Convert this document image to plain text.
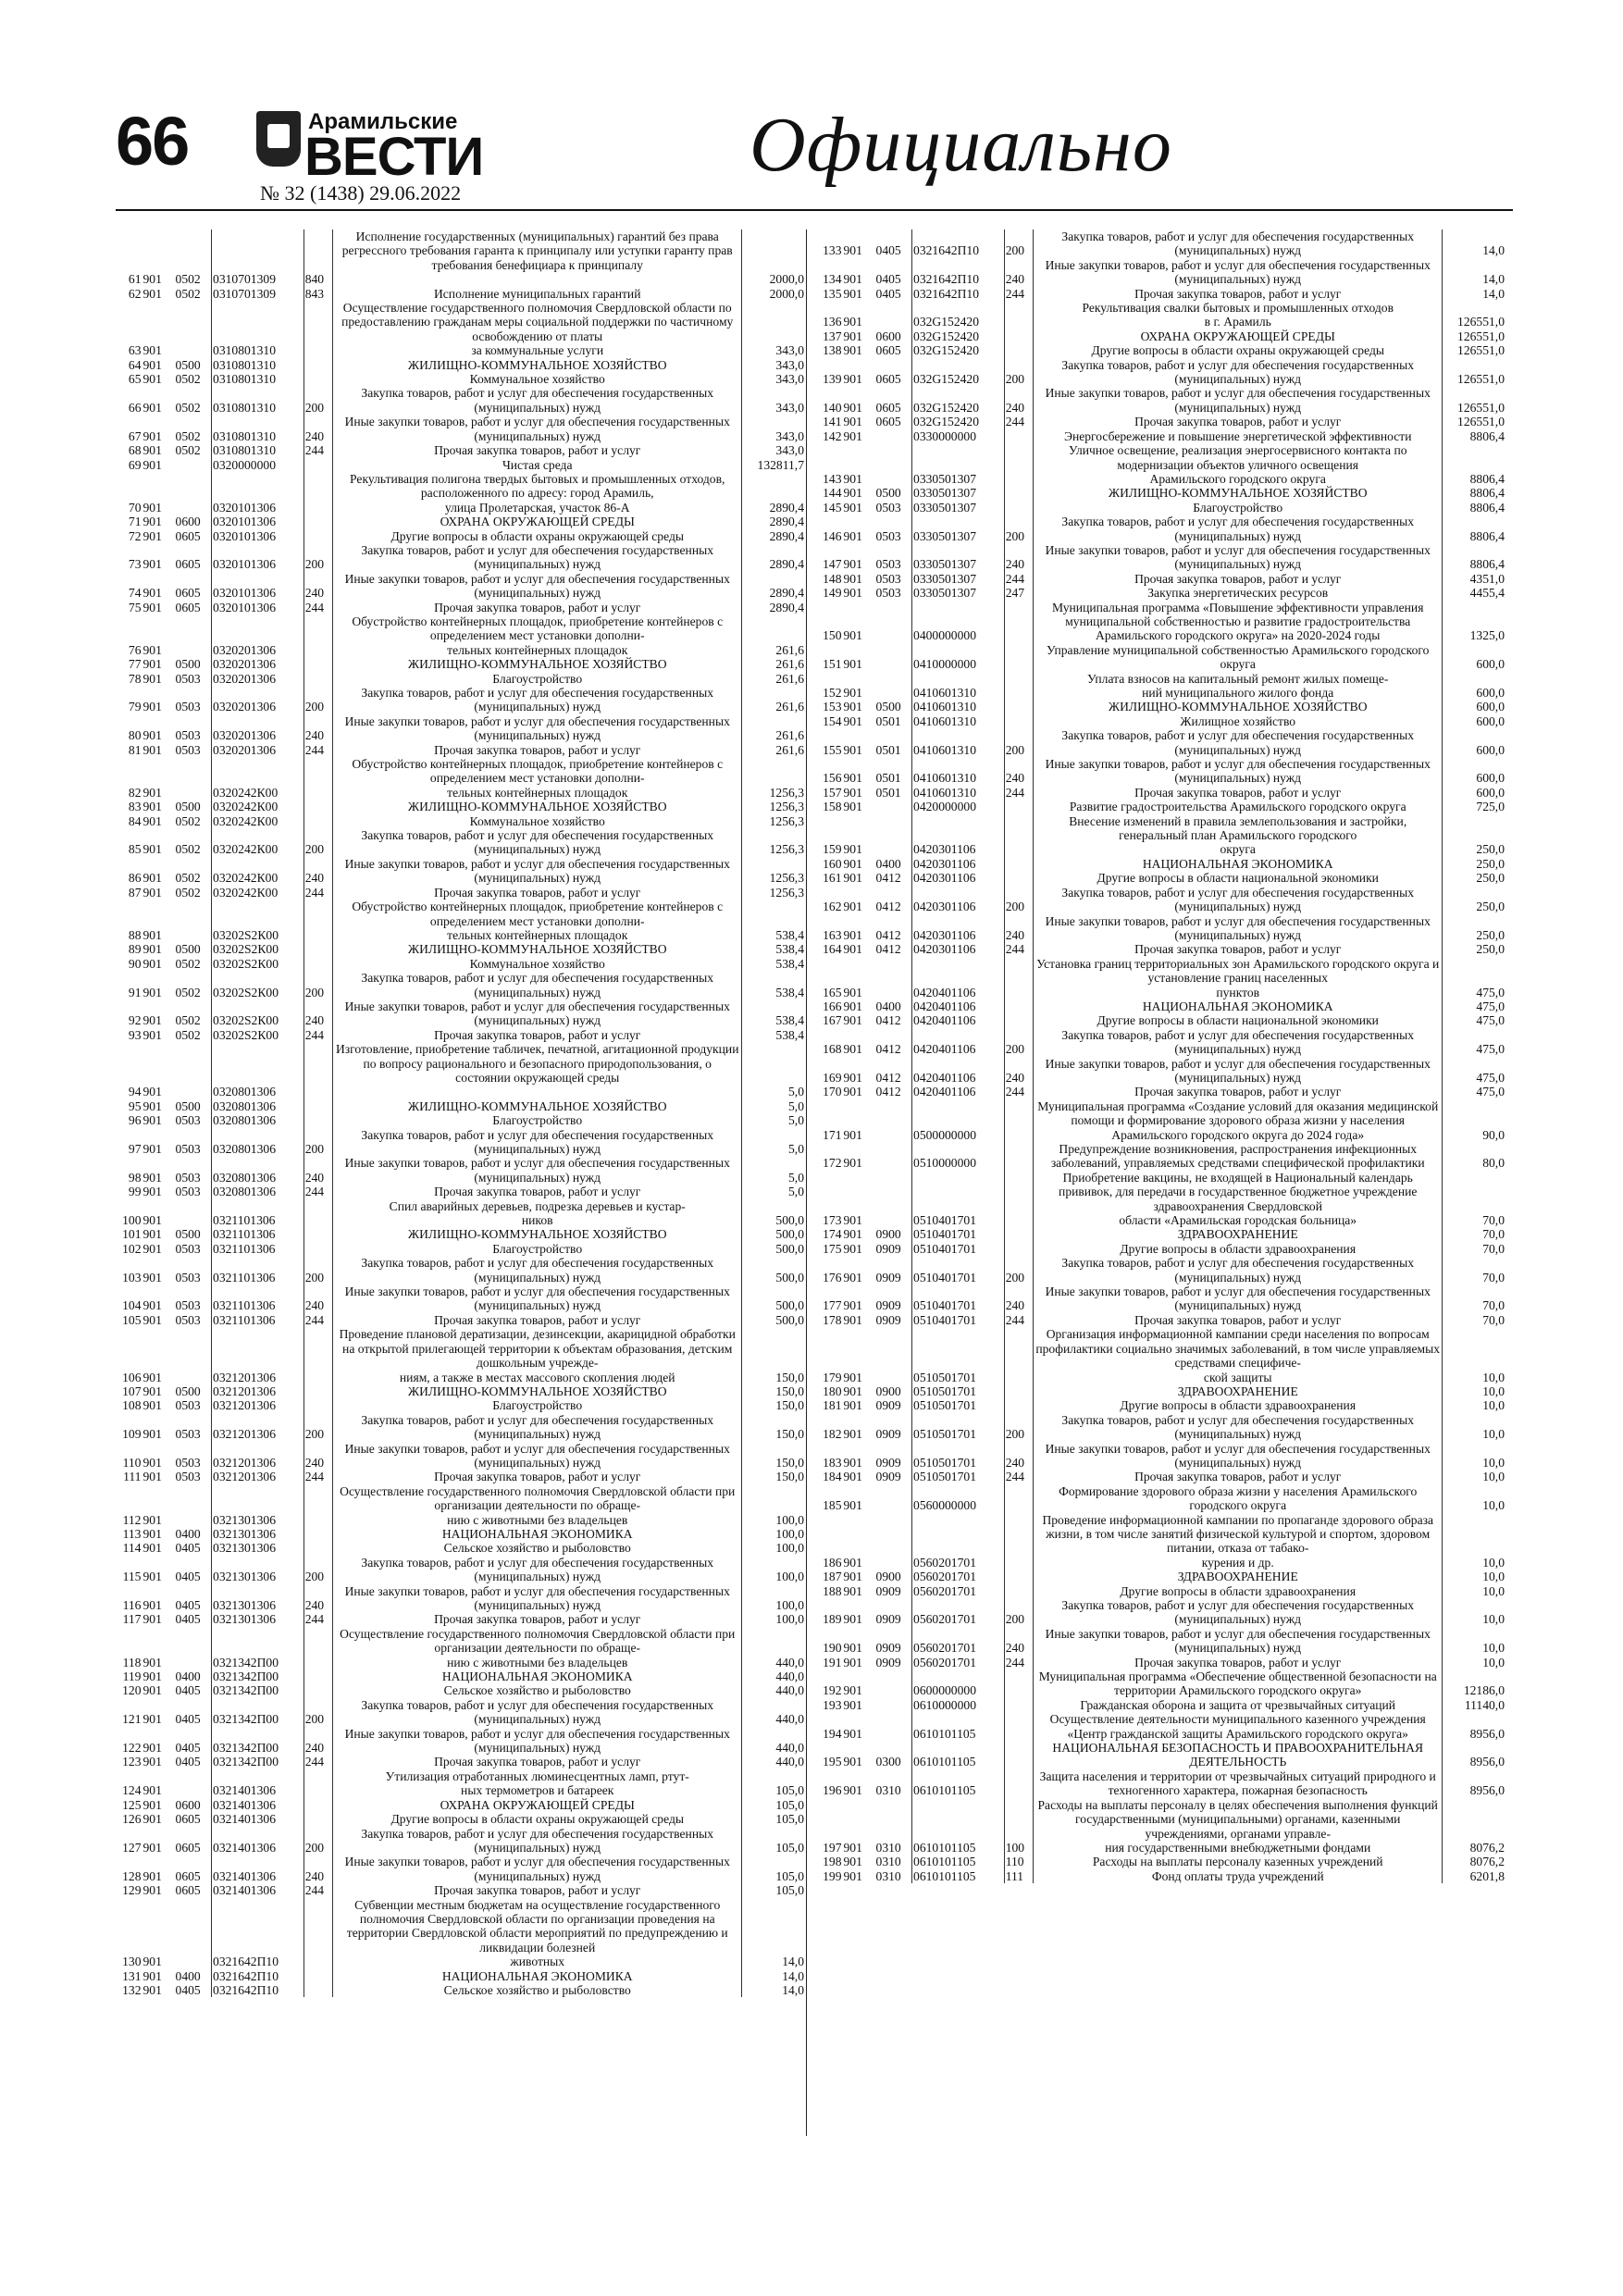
66	Арамильские
ВЕСТИ
№ 32 (1438) 29.06.2022
Официально
					Исполнение государственных (муниципальных) гарантий без права регрессного требования гаранта к принципалу или уступки гаранту прав требования бенефициара к принципалу	
61	901	0502	0310701309	840		2000,0
62	901	0502	0310701309	843	Исполнение муниципальных гарантий	2000,0
					Осуществление государственного полномочия Свердловской области по предоставлению гражданам меры социальной поддержки по частичному освобождению от платы	
63	901		0310801310		за коммунальные услуги	343,0
64	901	0500	0310801310		ЖИЛИЩНО-КОММУНАЛЬНОЕ ХОЗЯЙСТВО	343,0
65	901	0502	0310801310		Коммунальное хозяйство	343,0
66	901	0502	0310801310	200	Закупка товаров, работ и услуг для обеспечения государственных (муниципальных) нужд	343,0
67	901	0502	0310801310	240	Иные закупки товаров, работ и услуг для обеспечения государственных (муниципальных) нужд	343,0
68	901	0502	0310801310	244	Прочая закупка товаров, работ и услуг	343,0
69	901		0320000000		Чистая среда	132811,7
					Рекультивация полигона твердых бытовых и промышленных отходов, расположенного по адресу: город Арамиль,	
70	901		0320101306		улица Пролетарская, участок 86-А	2890,4
71	901	0600	0320101306		ОХРАНА ОКРУЖАЮЩЕЙ СРЕДЫ	2890,4
72	901	0605	0320101306		Другие вопросы в области охраны окружающей среды	2890,4
73	901	0605	0320101306	200	Закупка товаров, работ и услуг для обеспечения государственных (муниципальных) нужд	2890,4
74	901	0605	0320101306	240	Иные закупки товаров, работ и услуг для обеспечения государственных (муниципальных) нужд	2890,4
75	901	0605	0320101306	244	Прочая закупка товаров, работ и услуг	2890,4
					Обустройство контейнерных площадок, приобретение контейнеров с определением мест установки дополни-	
76	901		0320201306		тельных контейнерных площадок	261,6
77	901	0500	0320201306		ЖИЛИЩНО-КОММУНАЛЬНОЕ ХОЗЯЙСТВО	261,6
78	901	0503	0320201306		Благоустройство	261,6
79	901	0503	0320201306	200	Закупка товаров, работ и услуг для обеспечения государственных (муниципальных) нужд	261,6
80	901	0503	0320201306	240	Иные закупки товаров, работ и услуг для обеспечения государственных (муниципальных) нужд	261,6
81	901	0503	0320201306	244	Прочая закупка товаров, работ и услуг	261,6
					Обустройство контейнерных площадок, приобретение контейнеров с определением мест установки дополни-	
82	901		0320242К00		тельных контейнерных площадок	1256,3
83	901	0500	0320242К00		ЖИЛИЩНО-КОММУНАЛЬНОЕ ХОЗЯЙСТВО	1256,3
84	901	0502	0320242К00		Коммунальное хозяйство	1256,3
85	901	0502	0320242К00	200	Закупка товаров, работ и услуг для обеспечения государственных (муниципальных) нужд	1256,3
86	901	0502	0320242К00	240	Иные закупки товаров, работ и услуг для обеспечения государственных (муниципальных) нужд	1256,3
87	901	0502	0320242К00	244	Прочая закупка товаров, работ и услуг	1256,3
					Обустройство контейнерных площадок, приобретение контейнеров с определением мест установки дополни-	
88	901		03202S2К00		тельных контейнерных площадок	538,4
89	901	0500	03202S2К00		ЖИЛИЩНО-КОММУНАЛЬНОЕ ХОЗЯЙСТВО	538,4
90	901	0502	03202S2К00		Коммунальное хозяйство	538,4
91	901	0502	03202S2К00	200	Закупка товаров, работ и услуг для обеспечения государственных (муниципальных) нужд	538,4
92	901	0502	03202S2К00	240	Иные закупки товаров, работ и услуг для обеспечения государственных (муниципальных) нужд	538,4
93	901	0502	03202S2К00	244	Прочая закупка товаров, работ и услуг	538,4
					Изготовление, приобретение табличек, печатной, агитационной продукции по вопросу рационального и безопасного природопользования, о состоянии окружающей среды	
94	901		0320801306			5,0
95	901	0500	0320801306		ЖИЛИЩНО-КОММУНАЛЬНОЕ ХОЗЯЙСТВО	5,0
96	901	0503	0320801306		Благоустройство	5,0
97	901	0503	0320801306	200	Закупка товаров, работ и услуг для обеспечения государственных (муниципальных) нужд	5,0
98	901	0503	0320801306	240	Иные закупки товаров, работ и услуг для обеспечения государственных (муниципальных) нужд	5,0
99	901	0503	0320801306	244	Прочая закупка товаров, работ и услуг	5,0
					Спил аварийных деревьев, подрезка деревьев и кустар-	
100	901		0321101306		ников	500,0
101	901	0500	0321101306		ЖИЛИЩНО-КОММУНАЛЬНОЕ ХОЗЯЙСТВО	500,0
102	901	0503	0321101306		Благоустройство	500,0
103	901	0503	0321101306	200	Закупка товаров, работ и услуг для обеспечения государственных (муниципальных) нужд	500,0
104	901	0503	0321101306	240	Иные закупки товаров, работ и услуг для обеспечения государственных (муниципальных) нужд	500,0
105	901	0503	0321101306	244	Прочая закупка товаров, работ и услуг	500,0
					Проведение плановой дератизации, дезинсекции, акарицидной обработки на открытой прилегающей территории к объектам образования, детским дошкольным учрежде-	
106	901		0321201306		ниям, а также в местах массового скопления людей	150,0
107	901	0500	0321201306		ЖИЛИЩНО-КОММУНАЛЬНОЕ ХОЗЯЙСТВО	150,0
108	901	0503	0321201306		Благоустройство	150,0
109	901	0503	0321201306	200	Закупка товаров, работ и услуг для обеспечения государственных (муниципальных) нужд	150,0
110	901	0503	0321201306	240	Иные закупки товаров, работ и услуг для обеспечения государственных (муниципальных) нужд	150,0
111	901	0503	0321201306	244	Прочая закупка товаров, работ и услуг	150,0
					Осуществление государственного полномочия Свердловской области при организации деятельности по обраще-	
112	901		0321301306		нию с животными без владельцев	100,0
113	901	0400	0321301306		НАЦИОНАЛЬНАЯ ЭКОНОМИКА	100,0
114	901	0405	0321301306		Сельское хозяйство и рыболовство	100,0
115	901	0405	0321301306	200	Закупка товаров, работ и услуг для обеспечения государственных (муниципальных) нужд	100,0
116	901	0405	0321301306	240	Иные закупки товаров, работ и услуг для обеспечения государственных (муниципальных) нужд	100,0
117	901	0405	0321301306	244	Прочая закупка товаров, работ и услуг	100,0
					Осуществление государственного полномочия Свердловской области при организации деятельности по обраще-	
118	901		0321342П00		нию с животными без владельцев	440,0
119	901	0400	0321342П00		НАЦИОНАЛЬНАЯ ЭКОНОМИКА	440,0
120	901	0405	0321342П00		Сельское хозяйство и рыболовство	440,0
121	901	0405	0321342П00	200	Закупка товаров, работ и услуг для обеспечения государственных (муниципальных) нужд	440,0
122	901	0405	0321342П00	240	Иные закупки товаров, работ и услуг для обеспечения государственных (муниципальных) нужд	440,0
123	901	0405	0321342П00	244	Прочая закупка товаров, работ и услуг	440,0
					Утилизация отработанных люминесцентных ламп, ртут-	
124	901		0321401306		ных термометров и батареек	105,0
125	901	0600	0321401306		ОХРАНА ОКРУЖАЮЩЕЙ СРЕДЫ	105,0
126	901	0605	0321401306		Другие вопросы в области охраны окружающей среды	105,0
127	901	0605	0321401306	200	Закупка товаров, работ и услуг для обеспечения государственных (муниципальных) нужд	105,0
128	901	0605	0321401306	240	Иные закупки товаров, работ и услуг для обеспечения государственных (муниципальных) нужд	105,0
129	901	0605	0321401306	244	Прочая закупка товаров, работ и услуг	105,0
					Субвенции местным бюджетам на осуществление государственного полномочия Свердловской области по организации проведения на территории Свердловской области мероприятий по предупреждению и ликвидации болезней	
130	901		0321642П10		животных	14,0
131	901	0400	0321642П10		НАЦИОНАЛЬНАЯ ЭКОНОМИКА	14,0
132	901	0405	0321642П10		Сельское хозяйство и рыболовство	14,0
133	901	0405	0321642П10	200	Закупка товаров, работ и услуг для обеспечения государственных (муниципальных) нужд	14,0
134	901	0405	0321642П10	240	Иные закупки товаров, работ и услуг для обеспечения государственных (муниципальных) нужд	14,0
135	901	0405	0321642П10	244	Прочая закупка товаров, работ и услуг	14,0
					Рекультивация свалки бытовых и промышленных отходов	
136	901		032G152420		в г. Арамиль	126551,0
137	901	0600	032G152420		ОХРАНА ОКРУЖАЮЩЕЙ СРЕДЫ	126551,0
138	901	0605	032G152420		Другие вопросы в области охраны окружающей среды	126551,0
139	901	0605	032G152420	200	Закупка товаров, работ и услуг для обеспечения государственных (муниципальных) нужд	126551,0
140	901	0605	032G152420	240	Иные закупки товаров, работ и услуг для обеспечения государственных (муниципальных) нужд	126551,0
141	901	0605	032G152420	244	Прочая закупка товаров, работ и услуг	126551,0
142	901		0330000000		Энергосбережение и повышение энергетической эффективности	8806,4
					Уличное освещение, реализация энергосервисного контакта по модернизации объектов уличного освещения	
143	901		0330501307		Арамильского городского округа	8806,4
144	901	0500	0330501307		ЖИЛИЩНО-КОММУНАЛЬНОЕ ХОЗЯЙСТВО	8806,4
145	901	0503	0330501307		Благоустройство	8806,4
146	901	0503	0330501307	200	Закупка товаров, работ и услуг для обеспечения государственных (муниципальных) нужд	8806,4
147	901	0503	0330501307	240	Иные закупки товаров, работ и услуг для обеспечения государственных (муниципальных) нужд	8806,4
148	901	0503	0330501307	244	Прочая закупка товаров, работ и услуг	4351,0
149	901	0503	0330501307	247	Закупка энергетических ресурсов	4455,4
150	901		0400000000		Муниципальная программа «Повышение эффективности управления муниципальной собственностью и развитие градостроительства Арамильского городского округа» на 2020-2024 годы	1325,0
151	901		0410000000		Управление муниципальной собственностью Арамильского городского округа	600,0
					Уплата взносов на капитальный ремонт жилых помеще-	
152	901		0410601310		ний муниципального жилого фонда	600,0
153	901	0500	0410601310		ЖИЛИЩНО-КОММУНАЛЬНОЕ ХОЗЯЙСТВО	600,0
154	901	0501	0410601310		Жилищное хозяйство	600,0
155	901	0501	0410601310	200	Закупка товаров, работ и услуг для обеспечения государственных (муниципальных) нужд	600,0
156	901	0501	0410601310	240	Иные закупки товаров, работ и услуг для обеспечения государственных (муниципальных) нужд	600,0
157	901	0501	0410601310	244	Прочая закупка товаров, работ и услуг	600,0
158	901		0420000000		Развитие градостроительства Арамильского городского округа	725,0
					Внесение изменений в правила землепользования и застройки, генеральный план Арамильского городского	
159	901		0420301106		округа	250,0
160	901	0400	0420301106		НАЦИОНАЛЬНАЯ ЭКОНОМИКА	250,0
161	901	0412	0420301106		Другие вопросы в области национальной экономики	250,0
162	901	0412	0420301106	200	Закупка товаров, работ и услуг для обеспечения государственных (муниципальных) нужд	250,0
163	901	0412	0420301106	240	Иные закупки товаров, работ и услуг для обеспечения государственных (муниципальных) нужд	250,0
164	901	0412	0420301106	244	Прочая закупка товаров, работ и услуг	250,0
					Установка границ территориальных зон Арамильского городского округа и установление границ населенных	
165	901		0420401106		пунктов	475,0
166	901	0400	0420401106		НАЦИОНАЛЬНАЯ ЭКОНОМИКА	475,0
167	901	0412	0420401106		Другие вопросы в области национальной экономики	475,0
168	901	0412	0420401106	200	Закупка товаров, работ и услуг для обеспечения государственных (муниципальных) нужд	475,0
169	901	0412	0420401106	240	Иные закупки товаров, работ и услуг для обеспечения государственных (муниципальных) нужд	475,0
170	901	0412	0420401106	244	Прочая закупка товаров, работ и услуг	475,0
171	901		0500000000		Муниципальная программа «Создание условий для оказания медицинской помощи и формирование здорового образа жизни у населения Арамильского городского округа до 2024 года»	90,0
172	901		0510000000		Предупреждение возникновения, распространения инфекционных заболеваний, управляемых средствами специфической профилактики	80,0
					Приобретение вакцины, не входящей в Национальный календарь прививок, для передачи в государственное бюджетное учреждение здравоохранения Свердловской	
173	901		0510401701		области «Арамильская городская больница»	70,0
174	901	0900	0510401701		ЗДРАВООХРАНЕНИЕ	70,0
175	901	0909	0510401701		Другие вопросы в области здравоохранения	70,0
176	901	0909	0510401701	200	Закупка товаров, работ и услуг для обеспечения государственных (муниципальных) нужд	70,0
177	901	0909	0510401701	240	Иные закупки товаров, работ и услуг для обеспечения государственных (муниципальных) нужд	70,0
178	901	0909	0510401701	244	Прочая закупка товаров, работ и услуг	70,0
					Организация информационной кампании среди населения по вопросам профилактики социально значимых заболеваний, в том числе управляемых средствами специфиче-	
179	901		0510501701		ской защиты	10,0
180	901	0900	0510501701		ЗДРАВООХРАНЕНИЕ	10,0
181	901	0909	0510501701		Другие вопросы в области здравоохранения	10,0
182	901	0909	0510501701	200	Закупка товаров, работ и услуг для обеспечения государственных (муниципальных) нужд	10,0
183	901	0909	0510501701	240	Иные закупки товаров, работ и услуг для обеспечения государственных (муниципальных) нужд	10,0
184	901	0909	0510501701	244	Прочая закупка товаров, работ и услуг	10,0
185	901		0560000000		Формирование здорового образа жизни у населения Арамильского городского округа	10,0
					Проведение информационной кампании по пропаганде здорового образа жизни, в том числе занятий физической культурой и спортом, здоровом питании, отказа от табако-	
186	901		0560201701		курения и др.	10,0
187	901	0900	0560201701		ЗДРАВООХРАНЕНИЕ	10,0
188	901	0909	0560201701		Другие вопросы в области здравоохранения	10,0
189	901	0909	0560201701	200	Закупка товаров, работ и услуг для обеспечения государственных (муниципальных) нужд	10,0
190	901	0909	0560201701	240	Иные закупки товаров, работ и услуг для обеспечения государственных (муниципальных) нужд	10,0
191	901	0909	0560201701	244	Прочая закупка товаров, работ и услуг	10,0
192	901		0600000000		Муниципальная программа «Обеспечение общественной безопасности на территории Арамильского городского округа»	12186,0
193	901		0610000000		Гражданская оборона и защита от чрезвычайных ситуаций	11140,0
194	901		0610101105		Осуществление деятельности муниципального казенного учреждения «Центр гражданской защиты Арамильского городского округа»	8956,0
195	901	0300	0610101105		НАЦИОНАЛЬНАЯ БЕЗОПАСНОСТЬ И ПРАВООХРАНИТЕЛЬНАЯ ДЕЯТЕЛЬНОСТЬ	8956,0
196	901	0310	0610101105		Защита населения и территории от чрезвычайных ситуаций природного и техногенного характера, пожарная безопасность	8956,0
					Расходы на выплаты персоналу в целях обеспечения выполнения функций государственными (муниципальными) органами, казенными учреждениями, органами управле-	
197	901	0310	0610101105	100	ния государственными внебюджетными фондами	8076,2
198	901	0310	0610101105	110	Расходы на выплаты персоналу казенных учреждений	8076,2
199	901	0310	0610101105	111	Фонд оплаты труда учреждений	6201,8
